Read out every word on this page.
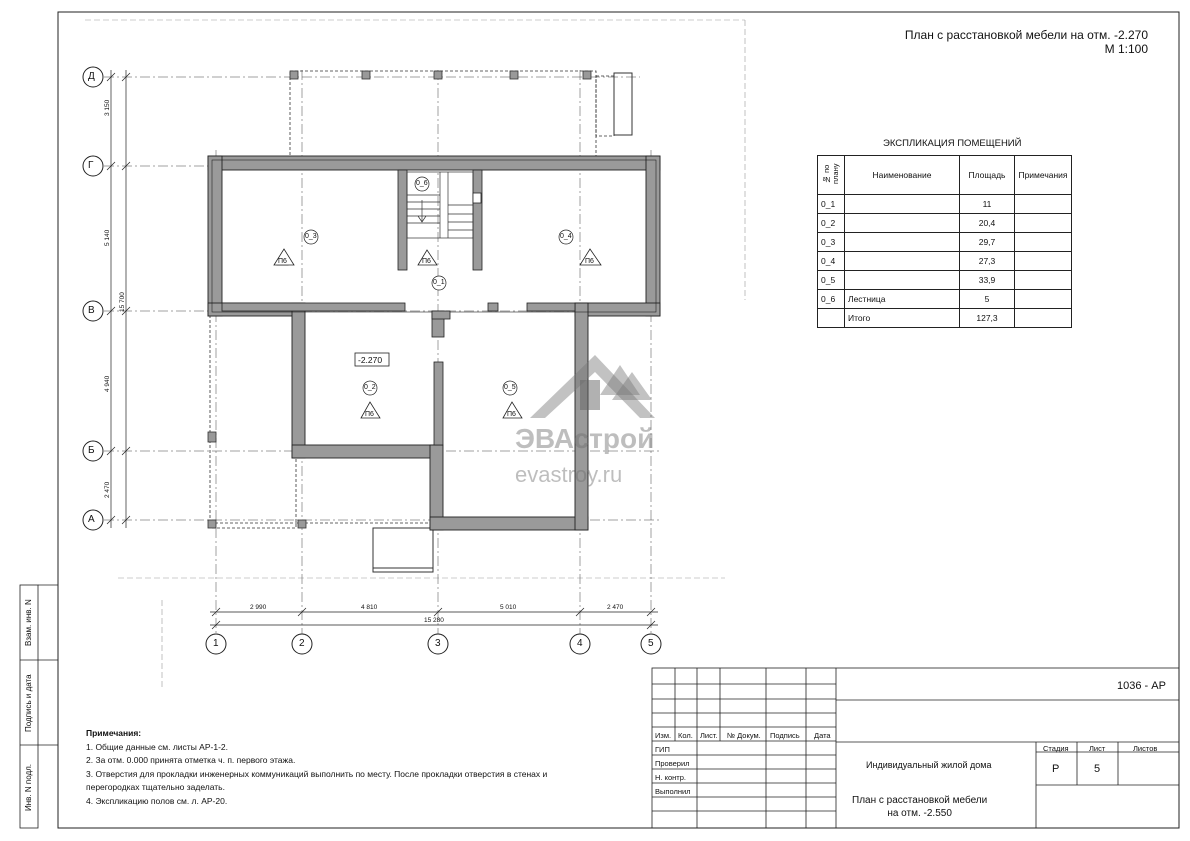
Д
Г
В
Б
А
1	2	3	4	5
3 150
5 140
15 700
4 940
2 470
2 990	4 810	5 010	2 470
15 280
0_3	0_4
0_6
0_1
0_2	0_5
П6	П6
П6
П6	П6
-2.270
ЭВАстрой
evastroy.ru
План с расстановкой мебели на отм. -2.270
М 1:100
ЭКСПЛИКАЦИЯ ПОМЕЩЕНИЙ
№ по плану	Наименование	Площадь	Примечания
0_1		11	
0_2		20,4	
0_3		29,7	
0_4		27,3	
0_5		33,9	
0_6	Лестница	5	
	Итого	127,3	
Примечания:
1. Общие данные см. листы АР-1-2.
2. За отм. 0.000 принята отметка ч. п. первого этажа.
3. Отверстия для прокладки инженерных коммуникаций выполнить по месту. После прокладки отверстия в стенах и
перегородках тщательно заделать.
4. Экспликацию полов см. л. АР-20.
Взам. инв. N
Подпись и дата
Инв. N подл.
Изм. Кол. Лист. № Докум. Подпись Дата
ГИП
Проверил
Н. контр.
Выполнил
1036 - АР
Индивидуальный жилой дома
План с расстановкой мебели
на отм. -2.550
Стадия	Лист	Листов
Р	5
